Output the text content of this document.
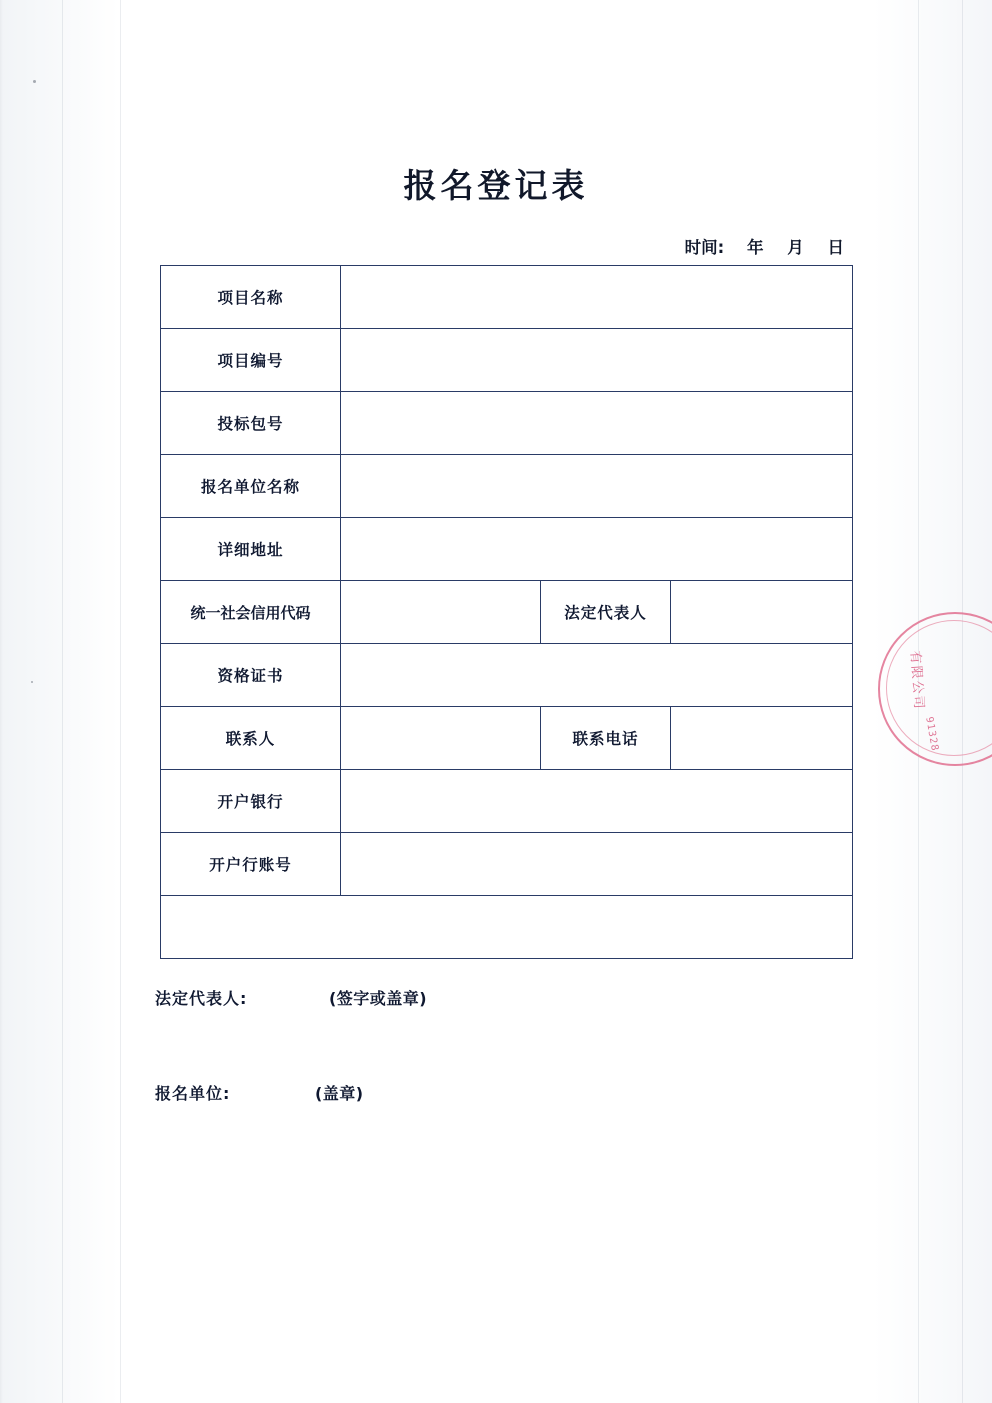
报名登记表
时间: 年 月 日
项目名称			
项目编号			
投标包号			
报名单位名称			
详细地址			
统一社会信用代码		法定代表人	
资格证书			
联系人		联系电话	
开户银行			
开户行账号			

法定代表人: (签字或盖章)
报名单位: (盖章)			
有限公司
91328
